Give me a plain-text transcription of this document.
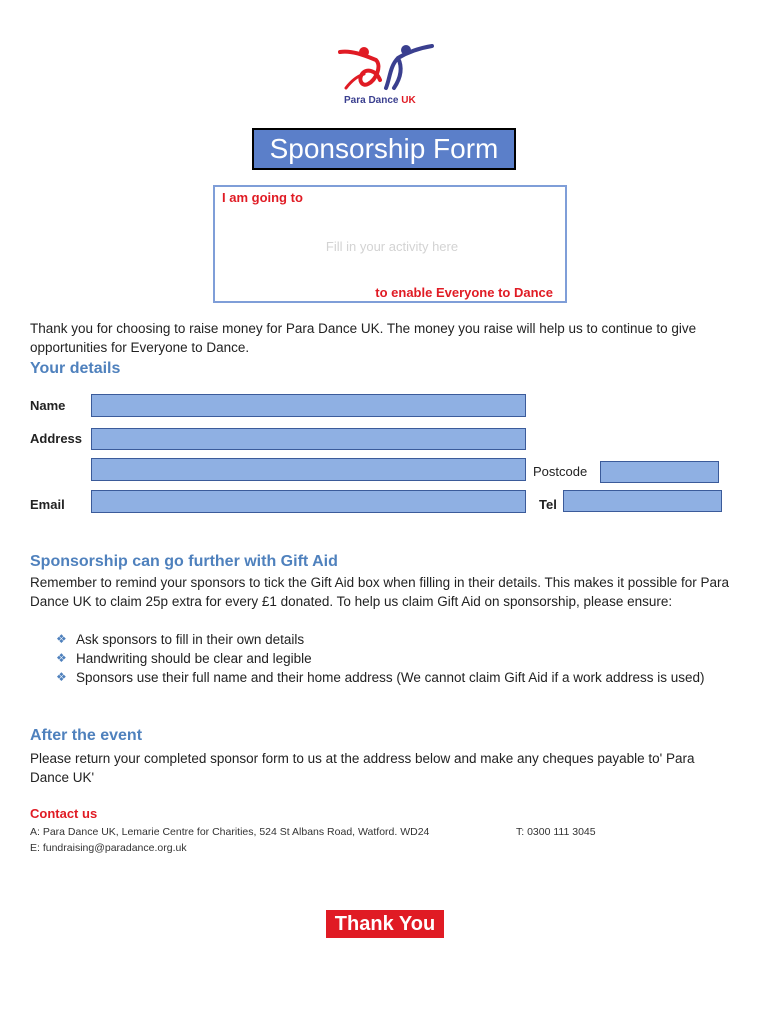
Para Dance UK
Sponsorship Form
I am going to
Fill in your activity here
to enable Everyone to Dance
Thank you for choosing to raise money for Para Dance UK. The money you raise will help us to continue to give opportunities for Everyone to Dance.
Your details
Name
Address
Postcode
Email	Tel
Sponsorship can go further with Gift Aid
Remember to remind your sponsors to tick the Gift Aid box when filling in their details. This makes it possible for Para Dance UK to claim 25p extra for every £1 donated. To help us claim Gift Aid on sponsorship, please ensure:
❖ Ask sponsors to fill in their own details
❖ Handwriting should be clear and legible
❖ Sponsors use their full name and their home address (We cannot claim Gift Aid if a work address is used)
After the event
Please return your completed sponsor form to us at the address below and make any cheques payable to' Para Dance UK'
Contact us
A: Para Dance UK, Lemarie Centre for Charities, 524 St Albans Road, Watford. WD24	T: 0300 111 3045
E: fundraising@paradance.org.uk
Thank You
